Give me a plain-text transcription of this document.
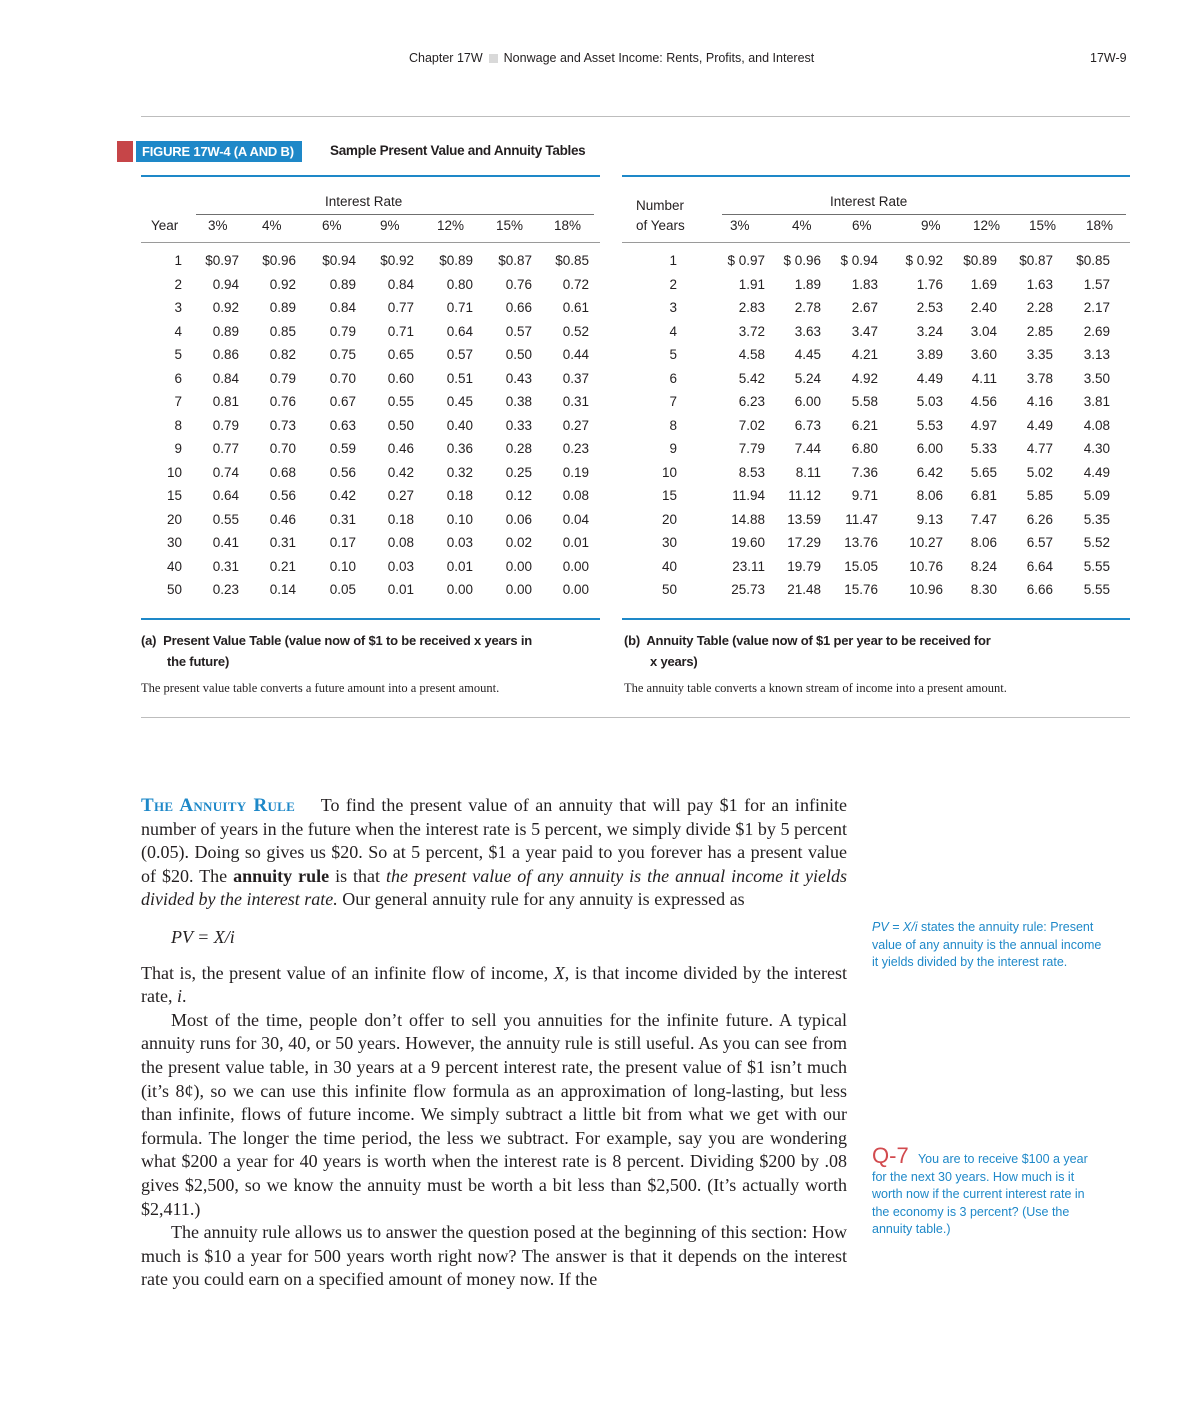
Chapter 17W Nonwage and Asset Income: Rents, Profits, and Interest	17W-9
FIGURE 17W-4 (A AND B)	Sample Present Value and Annuity Tables
Interest Rate
Year 3%	4%	6%	9%	12% 15% 18%
1	$0.97	$0.96	$0.94	$0.92	$0.89	$0.87	$0.85
2	0.94	0.92	0.89	0.84	0.80	0.76	0.72
3	0.92	0.89	0.84	0.77	0.71	0.66	0.61
4	0.89	0.85	0.79	0.71	0.64	0.57	0.52
5	0.86	0.82	0.75	0.65	0.57	0.50	0.44
6	0.84	0.79	0.70	0.60	0.51	0.43	0.37
7	0.81	0.76	0.67	0.55	0.45	0.38	0.31
8	0.79	0.73	0.63	0.50	0.40	0.33	0.27
9	0.77	0.70	0.59	0.46	0.36	0.28	0.23
10	0.74	0.68	0.56	0.42	0.32	0.25	0.19
15	0.64	0.56	0.42	0.27	0.18	0.12	0.08
20	0.55	0.46	0.31	0.18	0.10	0.06	0.04
30	0.41	0.31	0.17	0.08	0.03	0.02	0.01
40	0.31	0.21	0.10	0.03	0.01	0.00	0.00
50	0.23	0.14	0.05	0.01	0.00	0.00	0.00
(a) Present Value Table (value now of $1 to be received x years in
the future)
The present value table converts a future amount into a present amount.
Interest Rate
Number
of Years	3%	4%	6%	9% 12% 15% 18%
1	$ 0.97	$ 0.96	$ 0.94	$ 0.92	$0.89	$0.87	$0.85
2	1.91	1.89	1.83	1.76	1.69	1.63	1.57
3	2.83	2.78	2.67	2.53	2.40	2.28	2.17
4	3.72	3.63	3.47	3.24	3.04	2.85	2.69
5	4.58	4.45	4.21	3.89	3.60	3.35	3.13
6	5.42	5.24	4.92	4.49	4.11	3.78	3.50
7	6.23	6.00	5.58	5.03	4.56	4.16	3.81
8	7.02	6.73	6.21	5.53	4.97	4.49	4.08
9	7.79	7.44	6.80	6.00	5.33	4.77	4.30
10	8.53	8.11	7.36	6.42	5.65	5.02	4.49
15	11.94	11.12	9.71	8.06	6.81	5.85	5.09
20	14.88	13.59	11.47	9.13	7.47	6.26	5.35
30	19.60	17.29	13.76	10.27	8.06	6.57	5.52
40	23.11	19.79	15.05	10.76	8.24	6.64	5.55
50	25.73	21.48	15.76	10.96	8.30	6.66	5.55
(b) Annuity Table (value now of $1 per year to be received for
x years)
The annuity table converts a known stream of income into a present amount.

The Annuity Rule To find the present value of an annuity that will pay $1 for an infinite number of years in the future when the interest rate is 5 percent, we simply divide $1 by 5 percent (0.05). Doing so gives us $20. So at 5 percent, $1 a year paid to you forever has a present value of $20. The annuity rule is that the present value of any annuity is the annual income it yields divided by the interest rate. Our general annuity rule for any annuity is expressed as

PV = X/i

That is, the present value of an infinite flow of income, X, is that income divided by the interest rate, i.

Most of the time, people don’t offer to sell you annuities for the infinite future. A typical annuity runs for 30, 40, or 50 years. However, the annuity rule is still useful. As you can see from the present value table, in 30 years at a 9 percent interest rate, the present value of $1 isn’t much (it’s 8¢), so we can use this infinite flow formula as an approximation of long-lasting, but less than infinite, flows of future income. We simply subtract a little bit from what we get with our formula. The longer the time period, the less we subtract. For example, say you are wondering what $200 a year for 40 years is worth when the interest rate is 8 percent. Dividing $200 by .08 gives $2,500, so we know the annuity must be worth a bit less than $2,500. (It’s actually worth $2,411.)

The annuity rule allows us to answer the question posed at the beginning of this section: How much is $10 a year for 500 years worth right now? The answer is that it depends on the interest rate you could earn on a specified amount of money now. If the

PV = X/i states the annuity rule: Present value of any annuity is the annual income it yields divided by the interest rate.
Q-7 You are to receive $100 a year for the next 30 years. How much is it worth now if the current interest rate in the economy is 3 percent? (Use the annuity table.)
